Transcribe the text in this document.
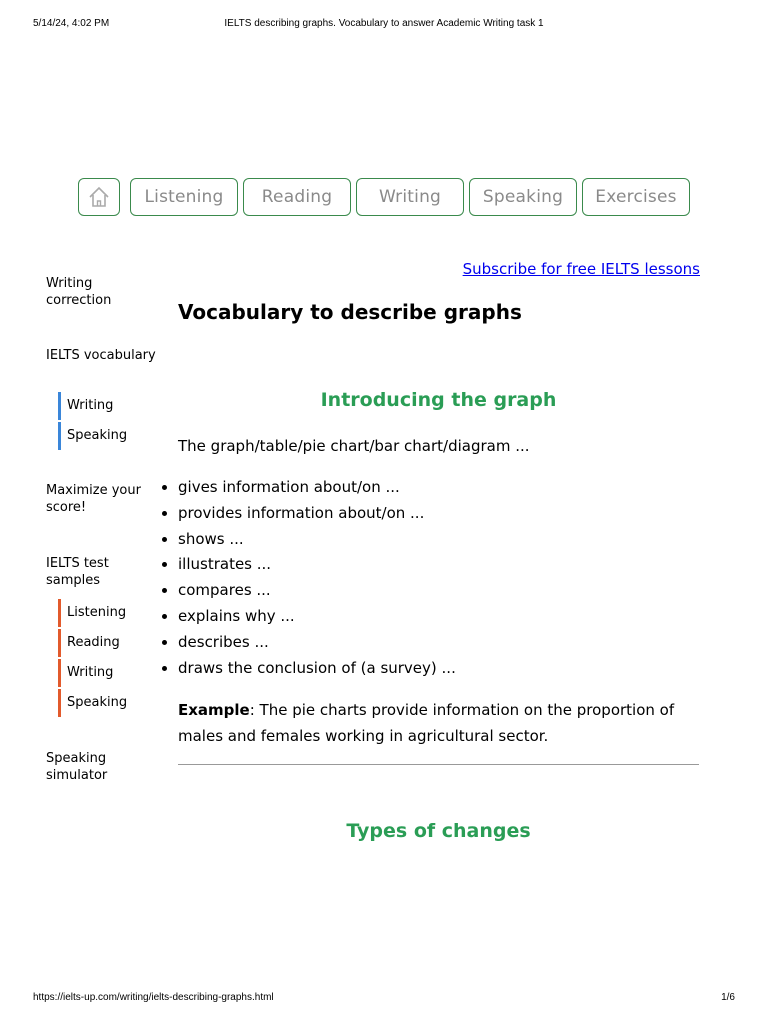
5/14/24, 4:02 PM	IELTS describing graphs. Vocabulary to answer Academic Writing task 1
Listening	Reading	Writing	Speaking	Exercises
Writing correction
IELTS vocabulary
Writing
Speaking
Maximize your score!
IELTS test samples
Listening
Reading
Writing
Speaking
Speaking simulator
Subscribe for free IELTS lessons
Vocabulary to describe graphs
Introducing the graph
The graph/table/pie chart/bar chart/diagram ...
• gives information about/on ...
• provides information about/on ...
• shows ...
• illustrates ...
• compares ...
• explains why ...
• describes ...
• draws the conclusion of (a survey) ...
Example: The pie charts provide information on the proportion of males and females working in agricultural sector.
Types of changes
https://ielts-up.com/writing/ielts-describing-graphs.html	1/6
